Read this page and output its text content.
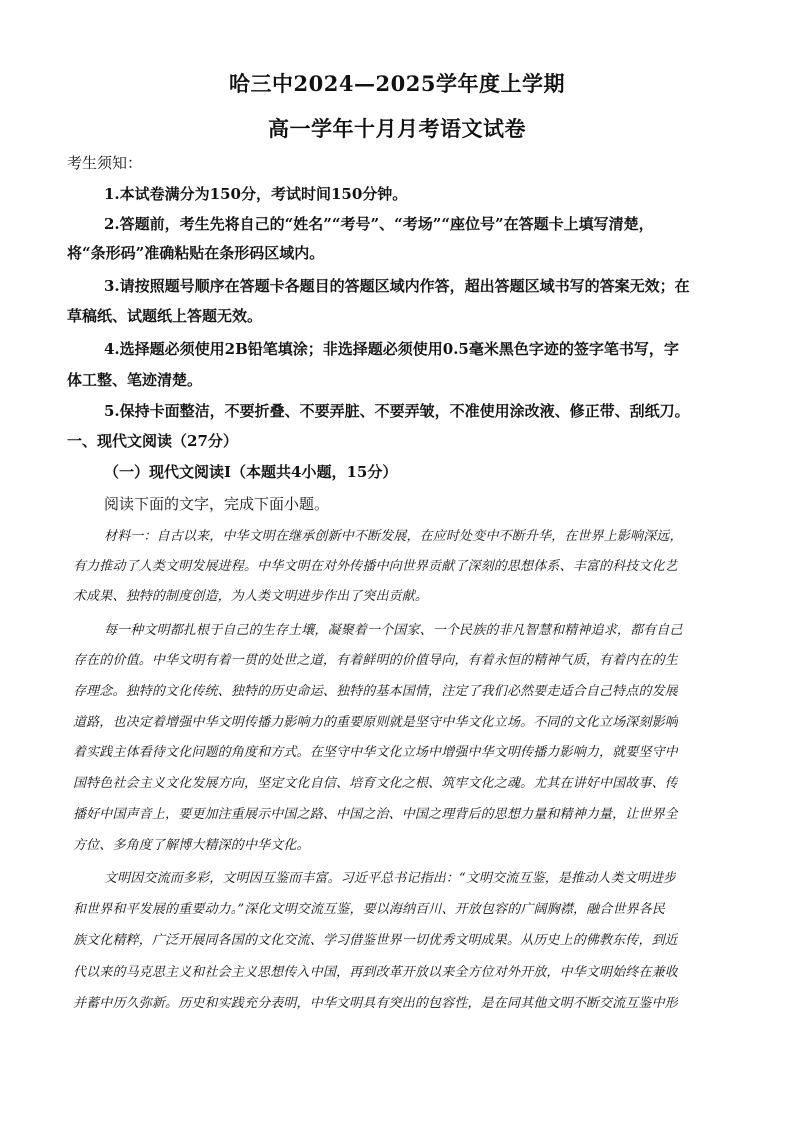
哈三中2024—2025学年度上学期
高一学年十月月考语文试卷
考生须知：
1.本试卷满分为150分，考试时间150分钟。
2.答题前，考生先将自己的“姓名”“考号”、“考场”“座位号”在答题卡上填写清楚，
将“条形码”准确粘贴在条形码区域内。
3.请按照题号顺序在答题卡各题目的答题区域内作答，超出答题区域书写的答案无效；在
草稿纸、试题纸上答题无效。
4.选择题必须使用2B铅笔填涂；非选择题必须使用0.5毫米黑色字迹的签字笔书写，字
体工整、笔迹清楚。
5.保持卡面整洁，不要折叠、不要弄脏、不要弄皱，不准使用涂改液、修正带、刮纸刀。
一、现代文阅读（27分）
（一）现代文阅读Ⅰ（本题共4小题，15分）
阅读下面的文字，完成下面小题。
材料一：自古以来，中华文明在继承创新中不断发展，在应时处变中不断升华，在世界上影响深远，
有力推动了人类文明发展进程。中华文明在对外传播中向世界贡献了深刻的思想体系、丰富的科技文化艺
术成果、独特的制度创造，为人类文明进步作出了突出贡献。
每一种文明都扎根于自己的生存土壤，凝聚着一个国家、一个民族的非凡智慧和精神追求，都有自己
存在的价值。中华文明有着一贯的处世之道，有着鲜明的价值导向，有着永恒的精神气质，有着内在的生
存理念。独特的文化传统、独特的历史命运、独特的基本国情，注定了我们必然要走适合自己特点的发展
道路，也决定着增强中华文明传播力影响力的重要原则就是坚守中华文化立场。不同的文化立场深刻影响
着实践主体看待文化问题的角度和方式。在坚守中华文化立场中增强中华文明传播力影响力，就要坚守中
国特色社会主义文化发展方向，坚定文化自信、培育文化之根、筑牢文化之魂。尤其在讲好中国故事、传
播好中国声音上，要更加注重展示中国之路、中国之治、中国之理背后的思想力量和精神力量，让世界全
方位、多角度了解博大精深的中华文化。
文明因交流而多彩，文明因互鉴而丰富。习近平总书记指出：“文明交流互鉴，是推动人类文明进步
和世界和平发展的重要动力。”深化文明交流互鉴，要以海纳百川、开放包容的广阔胸襟，融合世界各民
族文化精粹，广泛开展同各国的文化交流、学习借鉴世界一切优秀文明成果。从历史上的佛教东传，到近
代以来的马克思主义和社会主义思想传入中国，再到改革开放以来全方位对外开放，中华文明始终在兼收
并蓄中历久弥新。历史和实践充分表明，中华文明具有突出的包容性，是在同其他文明不断交流互鉴中形
